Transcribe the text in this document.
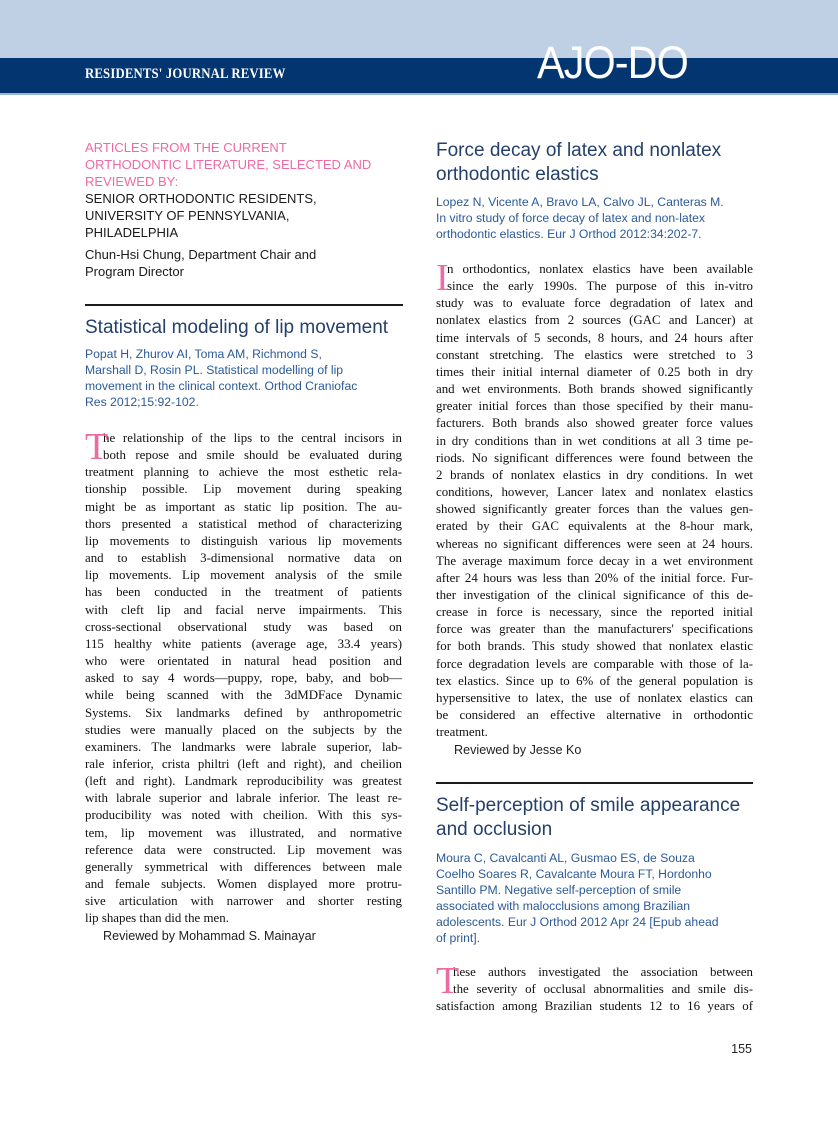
RESIDENTS' JOURNAL REVIEW	AJO-DO
ARTICLES FROM THE CURRENT
ORTHODONTIC LITERATURE, SELECTED AND
REVIEWED BY:
SENIOR ORTHODONTIC RESIDENTS,
UNIVERSITY OF PENNSYLVANIA,
PHILADELPHIA
Chun-Hsi Chung, Department Chair and
Program Director
Statistical modeling of lip movement
Popat H, Zhurov AI, Toma AM, Richmond S,
Marshall D, Rosin PL. Statistical modelling of lip
movement in the clinical context. Orthod Craniofac
Res 2012;15:92-102.
T
he relationship of the lips to the central incisors in
both repose and smile should be evaluated during
treatment planning to achieve the most esthetic rela-
tionship possible. Lip movement during speaking
might be as important as static lip position. The au-
thors presented a statistical method of characterizing
lip movements to distinguish various lip movements
and to establish 3-dimensional normative data on
lip movements. Lip movement analysis of the smile
has been conducted in the treatment of patients
with cleft lip and facial nerve impairments. This
cross-sectional observational study was based on
115 healthy white patients (average age, 33.4 years)
who were orientated in natural head position and
asked to say 4 words—puppy, rope, baby, and bob—
while being scanned with the 3dMDFace Dynamic
Systems. Six landmarks defined by anthropometric
studies were manually placed on the subjects by the
examiners. The landmarks were labrale superior, lab-
rale inferior, crista philtri (left and right), and cheilion
(left and right). Landmark reproducibility was greatest
with labrale superior and labrale inferior. The least re-
producibility was noted with cheilion. With this sys-
tem, lip movement was illustrated, and normative
reference data were constructed. Lip movement was
generally symmetrical with differences between male
and female subjects. Women displayed more protru-
sive articulation with narrower and shorter resting
lip shapes than did the men.
Reviewed by Mohammad S. Mainayar
Force decay of latex and nonlatex
orthodontic elastics
Lopez N, Vicente A, Bravo LA, Calvo JL, Canteras M.
In vitro study of force decay of latex and non-latex
orthodontic elastics. Eur J Orthod 2012:34:202-7.
I
n orthodontics, nonlatex elastics have been available
since the early 1990s. The purpose of this in-vitro
study was to evaluate force degradation of latex and
nonlatex elastics from 2 sources (GAC and Lancer) at
time intervals of 5 seconds, 8 hours, and 24 hours after
constant stretching. The elastics were stretched to 3
times their initial internal diameter of 0.25 both in dry
and wet environments. Both brands showed significantly
greater initial forces than those specified by their manu-
facturers. Both brands also showed greater force values
in dry conditions than in wet conditions at all 3 time pe-
riods. No significant differences were found between the
2 brands of nonlatex elastics in dry conditions. In wet
conditions, however, Lancer latex and nonlatex elastics
showed significantly greater forces than the values gen-
erated by their GAC equivalents at the 8-hour mark,
whereas no significant differences were seen at 24 hours.
The average maximum force decay in a wet environment
after 24 hours was less than 20% of the initial force. Fur-
ther investigation of the clinical significance of this de-
crease in force is necessary, since the reported initial
force was greater than the manufacturers' specifications
for both brands. This study showed that nonlatex elastic
force degradation levels are comparable with those of la-
tex elastics. Since up to 6% of the general population is
hypersensitive to latex, the use of nonlatex elastics can
be considered an effective alternative in orthodontic
treatment.
Reviewed by Jesse Ko
Self-perception of smile appearance
and occlusion
Moura C, Cavalcanti AL, Gusmao ES, de Souza
Coelho Soares R, Cavalcante Moura FT, Hordonho
Santillo PM. Negative self-perception of smile
associated with malocclusions among Brazilian
adolescents. Eur J Orthod 2012 Apr 24 [Epub ahead
of print].
T
hese authors investigated the association between
the severity of occlusal abnormalities and smile dis-
satisfaction among Brazilian students 12 to 16 years of
155
